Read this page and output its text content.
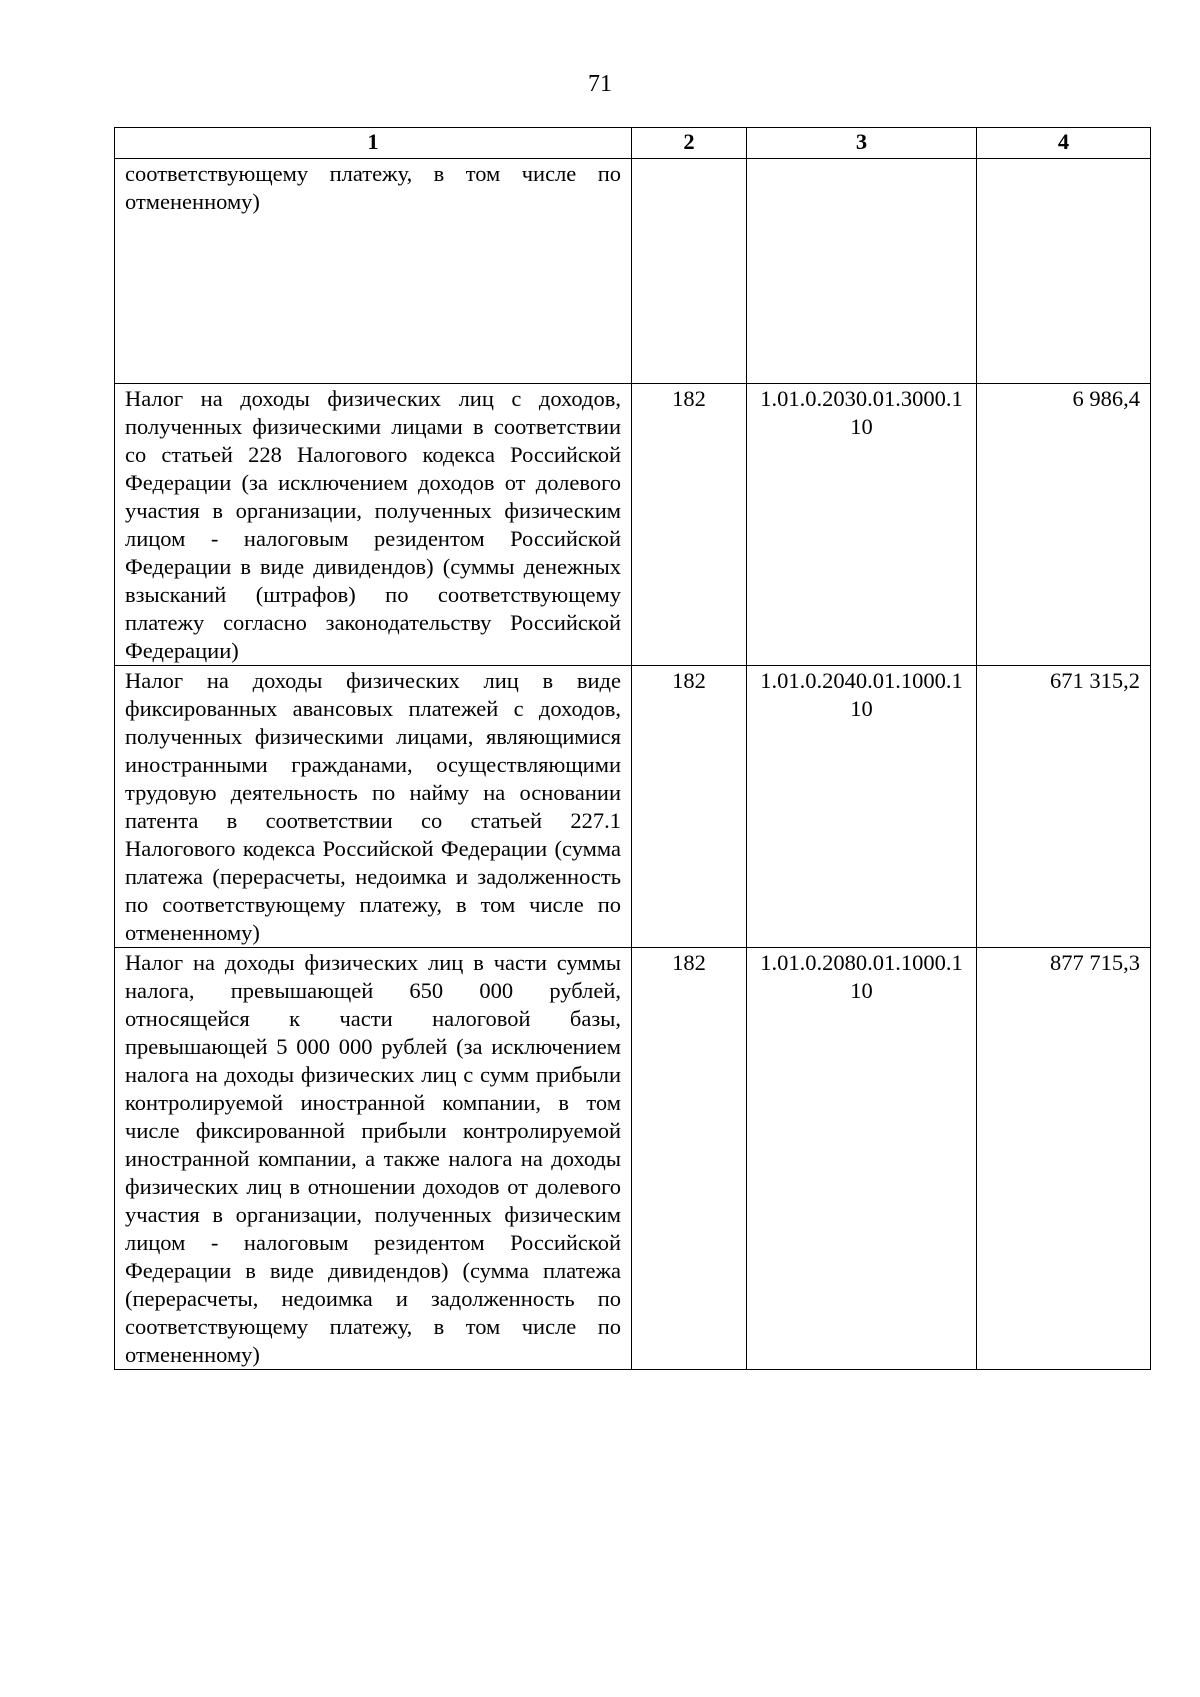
71
1	2	3	4
соответствующему платежу, в том числе по отмененному)			
Налог на доходы физических лиц с доходов, полученных физическими лицами в соответствии со статьей 228 Налогового кодекса Российской Федерации (за исключением доходов от долевого участия в организации, полученных физическим лицом - налоговым резидентом Российской Федерации в виде дивидендов) (суммы денежных взысканий (штрафов) по соответствующему платежу согласно законодательству Российской Федерации)	182	1.01.0.2030.01.3000.110	6 986,4
Налог на доходы физических лиц в виде фиксированных авансовых платежей с доходов, полученных физическими лицами, являющимися иностранными гражданами, осуществляющими трудовую деятельность по найму на основании патента в соответствии со статьей 227.1 Налогового кодекса Российской Федерации (сумма платежа (перерасчеты, недоимка и задолженность по соответствующему платежу, в том числе по отмененному)	182	1.01.0.2040.01.1000.110	671 315,2
Налог на доходы физических лиц в части суммы налога, превышающей 650 000 рублей, относящейся к части налоговой базы, превышающей 5 000 000 рублей (за исключением налога на доходы физических лиц с сумм прибыли контролируемой иностранной компании, в том числе фиксированной прибыли контролируемой иностранной компании, а также налога на доходы физических лиц в отношении доходов от долевого участия в организации, полученных физическим лицом - налоговым резидентом Российской Федерации в виде дивидендов) (сумма платежа (перерасчеты, недоимка и задолженность по соответствующему платежу, в том числе по отмененному)	182	1.01.0.2080.01.1000.110	877 715,3
